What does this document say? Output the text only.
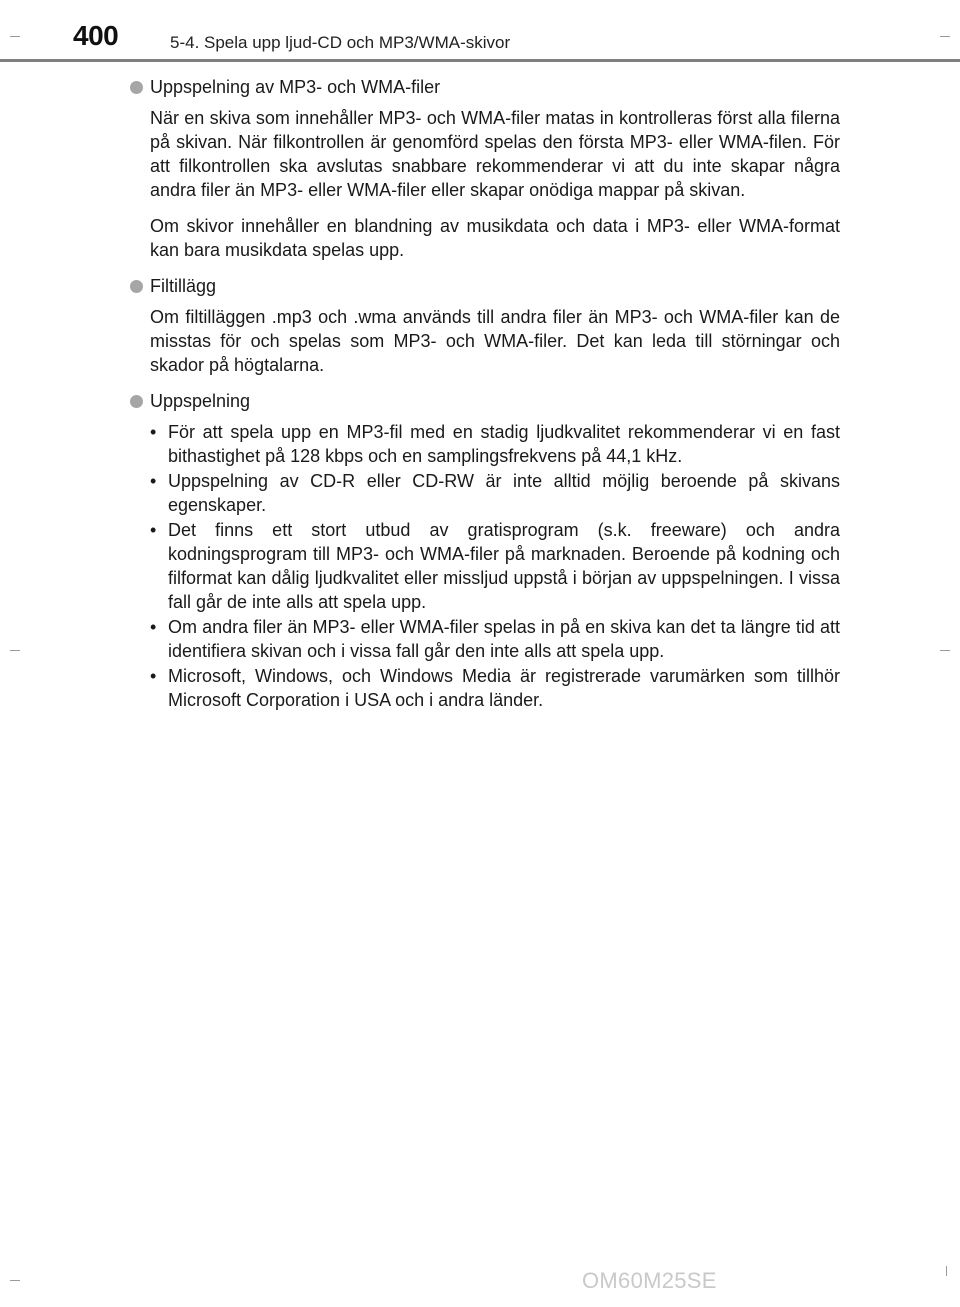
400	5-4. Spela upp ljud-CD och MP3/WMA-skivor
Uppspelning av MP3- och WMA-filer

När en skiva som innehåller MP3- och WMA-filer matas in kontrolleras först alla filerna på skivan. När filkontrollen är genomförd spelas den första MP3- eller WMA-filen. För att filkontrollen ska avslutas snabbare rekommenderar vi att du inte skapar några andra filer än MP3- eller WMA-filer eller skapar onödiga mappar på skivan.

Om skivor innehåller en blandning av musikdata och data i MP3- eller WMA-format kan bara musikdata spelas upp.

Filtillägg

Om filtilläggen .mp3 och .wma används till andra filer än MP3- och WMA-filer kan de misstas för och spelas som MP3- och WMA-filer. Det kan leda till störningar och skador på högtalarna.

Uppspelning
• För att spela upp en MP3-fil med en stadig ljudkvalitet rekommenderar vi en fast bithastighet på 128 kbps och en samplingsfrekvens på 44,1 kHz.
• Uppspelning av CD-R eller CD-RW är inte alltid möjlig beroende på skivans egenskaper.
• Det finns ett stort utbud av gratisprogram (s.k. freeware) och andra kodningsprogram till MP3- och WMA-filer på marknaden. Beroende på kodning och filformat kan dålig ljudkvalitet eller missljud uppstå i början av uppspelningen. I vissa fall går de inte alls att spela upp.
• Om andra filer än MP3- eller WMA-filer spelas in på en skiva kan det ta längre tid att identifiera skivan och i vissa fall går den inte alls att spela upp.
• Microsoft, Windows, och Windows Media är registrerade varumärken som tillhör Microsoft Corporation i USA och i andra länder.
OM60M25SE
